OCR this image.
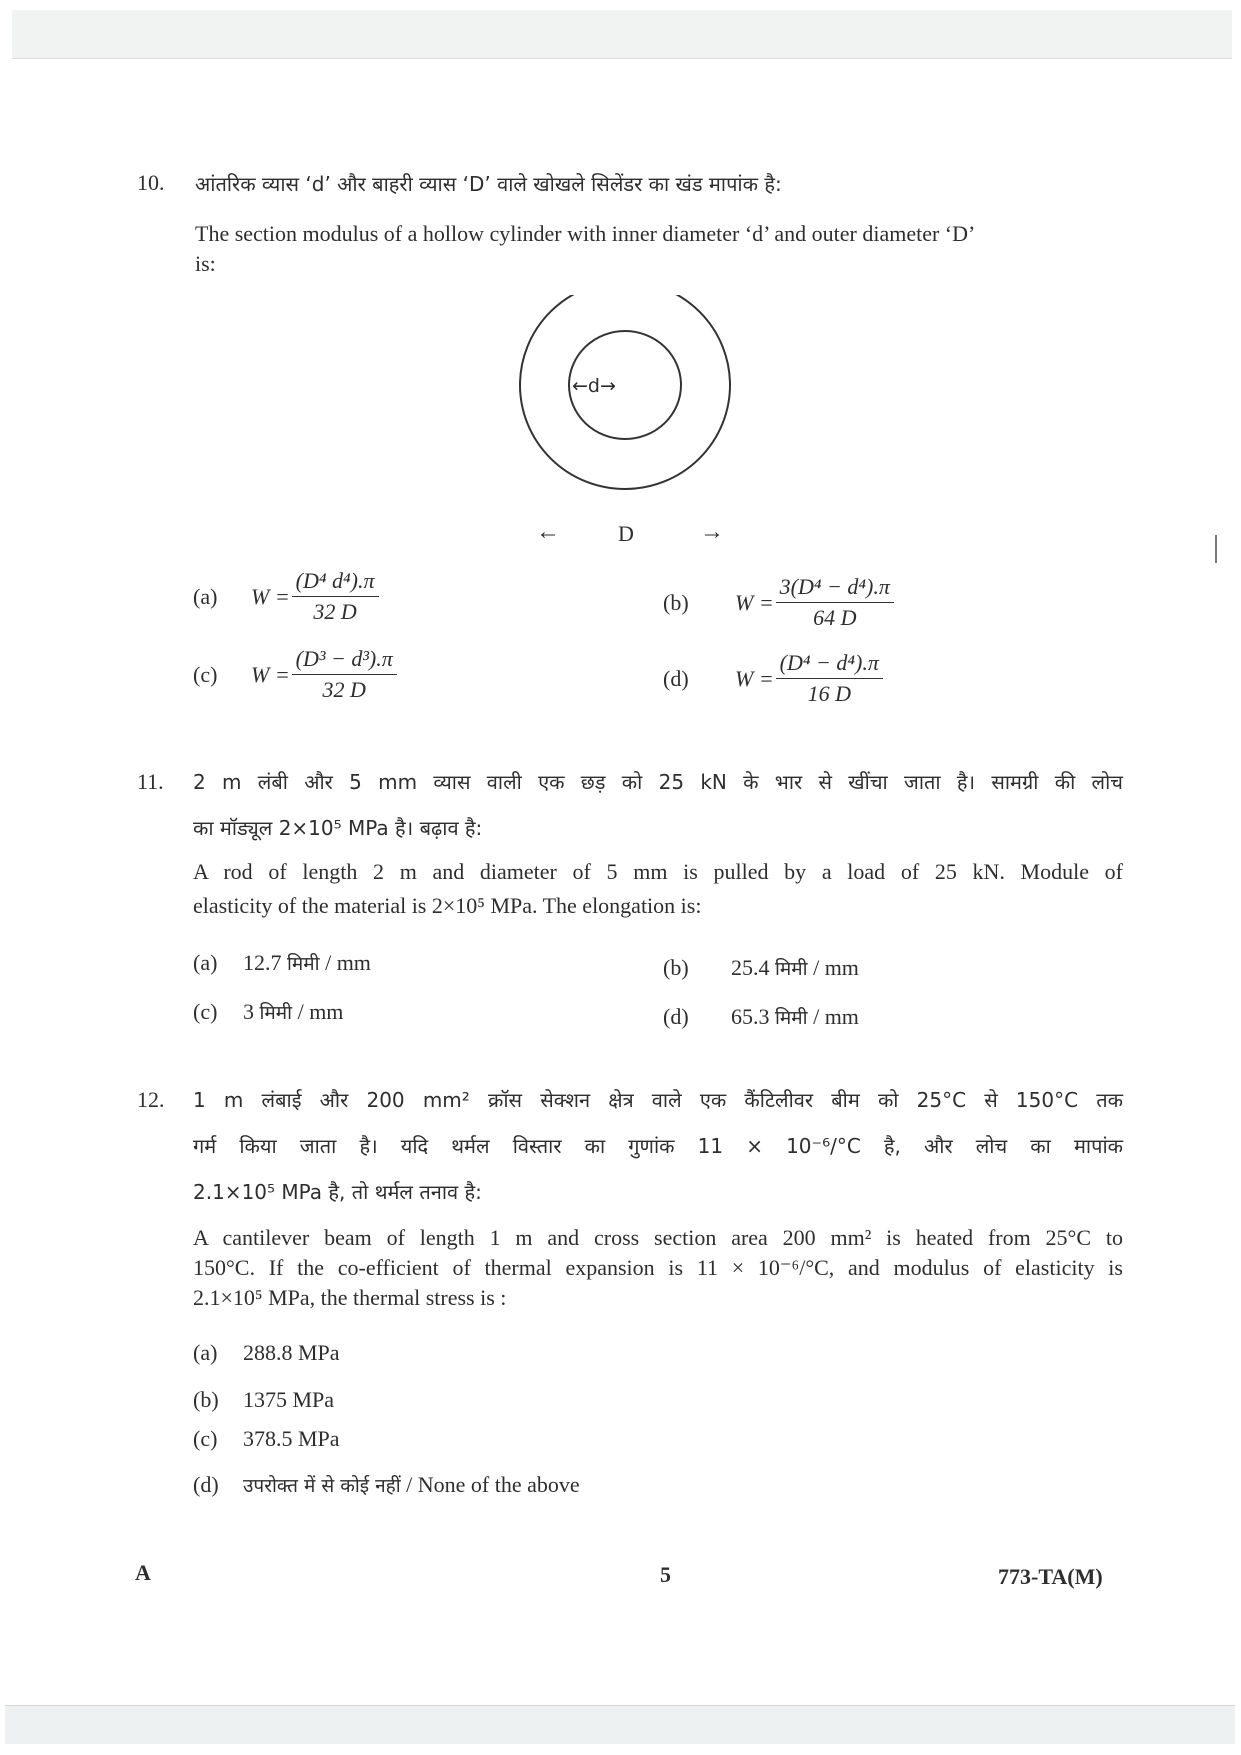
10. आंतरिक व्यास ‘d’ और बाहरी व्यास ‘D’ वाले खोखले सिलेंडर का खंड मापांक है:
The section modulus of a hollow cylinder with inner diameter ‘d’ and outer diameter ‘D’
is:
←d→
←	D	→
(a)	$W = \frac{\text{(D⁴ d⁴).π}}{32 D}$	(b)	$W = \frac{\text{3(D⁴ − d⁴).π}}{64 D}$
(c)	$W = \frac{\text{(D³ − d³).π}}{32 D}$	(d)	$W = \frac{\text{(D⁴ − d⁴).π}}{16 D}$
11. 2 m लंबी और 5 mm व्यास वाली एक छड़ को 25 kN के भार से खींचा जाता है। सामग्री की लोच
का मॉड्यूल 2×10⁵ MPa है। बढ़ाव है:
A rod of length 2 m and diameter of 5 mm is pulled by a load of 25 kN. Module of
elasticity of the material is 2×10⁵ MPa. The elongation is:
(a) 12.7 मिमी / mm	(b) 25.4 मिमी / mm
(c) 3 मिमी / mm	(d) 65.3 मिमी / mm
12. 1 m लंबाई और 200 mm² क्रॉस सेक्शन क्षेत्र वाले एक कैंटिलीवर बीम को 25°C से 150°C तक
गर्म किया जाता है। यदि थर्मल विस्तार का गुणांक 11 × 10⁻⁶/°C है, और लोच का मापांक
2.1×10⁵ MPa है, तो थर्मल तनाव है:
A cantilever beam of length 1 m and cross section area 200 mm² is heated from 25°C to
150°C. If the co-efficient of thermal expansion is 11 × 10⁻⁶/°C, and modulus of elasticity is
2.1×10⁵ MPa, the thermal stress is :
(a) 288.8 MPa
(b) 1375 MPa
(c) 378.5 MPa
(d) उपरोक्त में से कोई नहीं / None of the above
A	5	773-TA(M)
